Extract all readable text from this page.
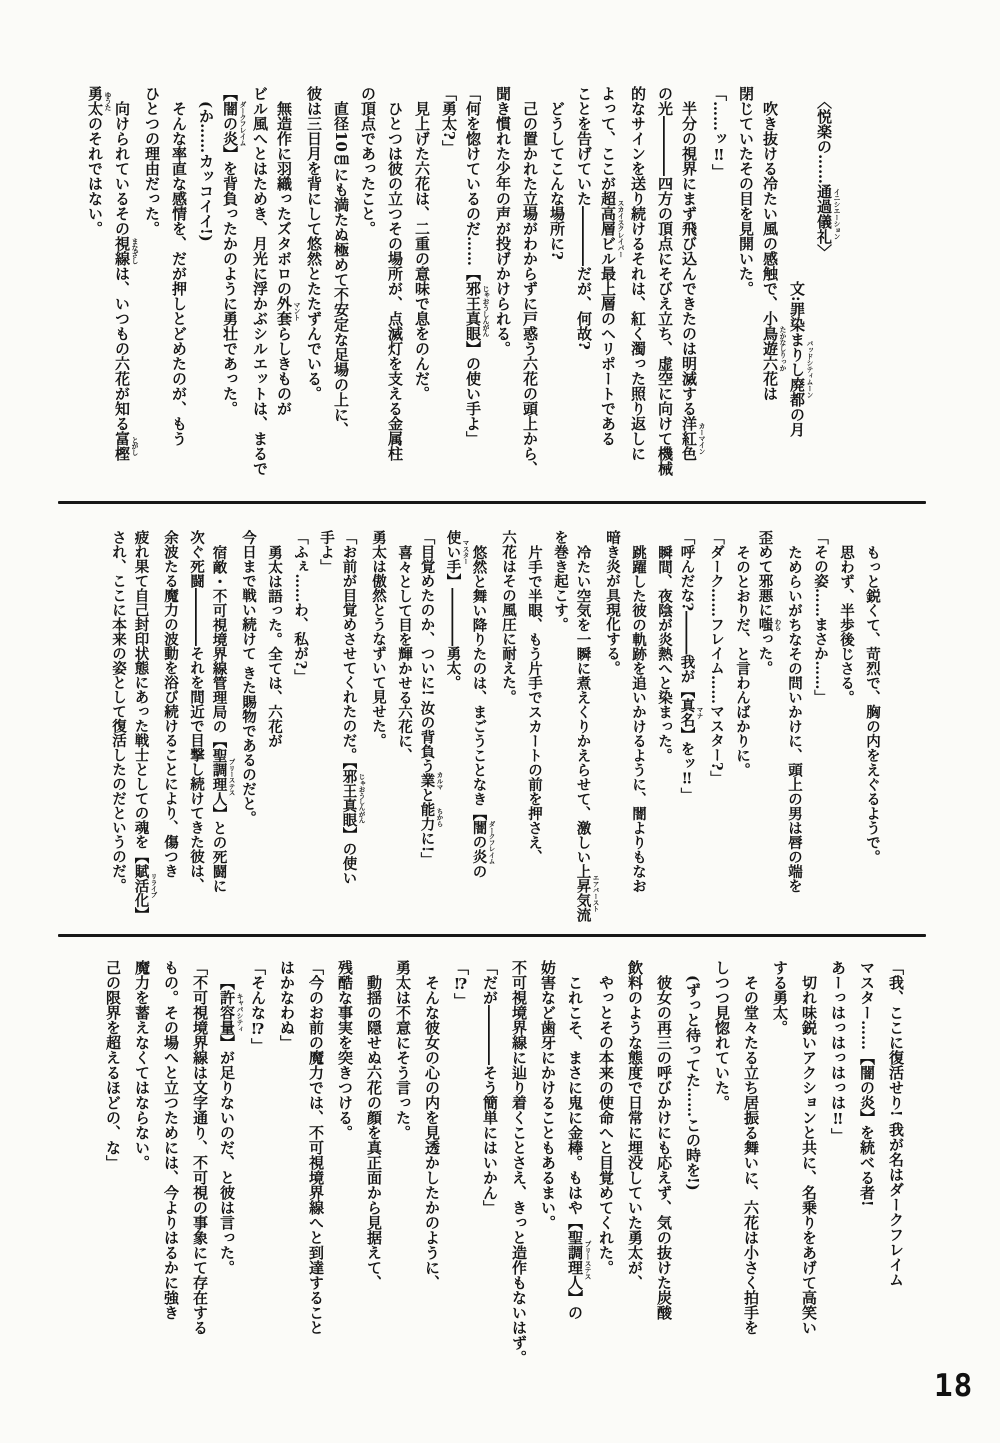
〈悦楽の……通過儀礼 イニシエーション〉

文:罪染まりし廃都の月 バッドシティムーン

吹き抜ける冷たい風の感触で、小鳥遊六花 たかなしりっかは

閉じていたその目を見開いた。

「……ッ‼」

半分の視界にまず飛び込んできたのは明滅する洋紅色 カーマイン

の光――――四方の頂点にそびえ立ち、虚空に向けて機械

的なサインを送り続けるそれは、紅く濁った照り返しに

よって、ここが超高層ビル スカイスクレイパー最上層のヘリポートである

ことを告げていた――――だが、何故?

どうしてこんな場所に?

己の置かれた立場がわからずに戸惑う六花の頭上から、

聞き慣れた少年の声が投げかけられる。

「何を惚けているのだ……【邪王真眼 じゃおうしんがん】の使い手よ」

「勇太?」

見上げた六花は、二重の意味で息をのんだ。

ひとつは彼の立つその場所が、点滅灯を支える金属柱

の頂点であったこと。

直径10㎝にも満たぬ極めて不安定な足場の上に、

彼は三日月を背にして悠然とたたずんでいる。

無造作に羽織ったズタボロの外套 マントらしきものが

ビル風へとはためき、月光に浮かぶシルエットは、まるで

【闇の炎 ダークフレイム】を背負ったかのように勇壮であった。

(か……カッコイイ!)

そんな率直な感情を、だが押しとどめたのが、もう

ひとつの理由だった。

向けられているその視線 まなざしは、いつもの六花が知る富樫 とがし

勇太 ゆうたのそれではない。

もっと鋭くて、苛烈で、胸の内をえぐるようで。

思わず、半歩後じさる。

「その姿……まさか……」

ためらいがちなその問いかけに、頭上の男は唇の端を

歪めて邪悪に嗤 わらった。

そのとおりだ、と言わんばかりに。

「ダーク……フレイム……マスター?」

「呼んだな?―――我が【真名 マナ】をッ‼」

瞬間、夜陰が炎熱へと染まった。

跳躍した彼の軌跡を追いかけるように、闇よりもなお

暗き炎が具現化する。

冷たい空気を一瞬に煮えくりかえらせて、激しい上昇気流 エアバースト

を巻き起こす。

片手で半眼、もう片手でスカートの前を押さえ、

六花はその風圧に耐えた。

悠然と舞い降りたのは、まごうことなき【闇の炎 ダークフレイムの

使い手 マスター】――――勇太。

「目覚めたのか、ついに! 汝の背負う業 カルマと能力 ちからに!」

喜々として目を輝かせる六花に、

勇太は傲然とうなずいて見せた。

「お前が目覚めさせてくれたのだ。【邪王真眼 じゃおうしんがん】の使い

手よ」

「ふぇ……わ、私が?」

勇太は語った。全ては、六花が

今日まで戦い続けて きた賜物であるのだと。

宿敵・不可視境界線管理局の【聖調理人 プリーステス】との死闘に

次ぐ死闘――――それを間近で目撃し続けてきた彼は、

余波たる魔力の波動を浴び続けることにより、傷つき

疲れ果て自己封印状態にあった戦士としての魂を【賦活化 リライブ】

され、ここに本来の姿として復活したのだというのだ。

「我、ここに復活せり! 我が名はダークフレイム

マスター……【闇の炎】を統べる者!

あーっはっはっはっは‼」

切れ味鋭いアクションと共に、名乗りをあげて高笑い

する勇太。

その堂々たる立ち居振る舞いに、六花は小さく拍手を

しつつ見惚れていた。

(ずっと待ってた……この時を!)

彼女の再三の呼びかけにも応えず、気の抜けた炭酸

飲料のような態度で日常に埋没していた勇太が、

やっとその本来の使命へと目覚めてくれた。

これこそ、まさに鬼に金棒。もはや【聖調理人 プリーステス】の

妨害など歯牙にかけることもあるまい。

不可視境界線に辿り着くことさえ、きっと造作もないはず。

「だが――――そう簡単にはいかん」

「⁉」

そんな彼女の心の内を見透かしたかのように、

勇太は不意にそう言った。

動揺の隠せぬ六花の顔を真正面から見据えて、

残酷な事実を突きつける。

「今のお前の魔力では、不可視境界線へと到達すること

はかなわぬ」

「そんな⁉」

【許容量 キャパシティ】が足りないのだ、と彼は言った。

「不可視境界線は文字通り、不可視の事象にて存在する

もの。その場へと立つためには、今よりはるかに強き

魔力を蓄えなくてはならない。

己の限界を超えるほどの、な」

18
